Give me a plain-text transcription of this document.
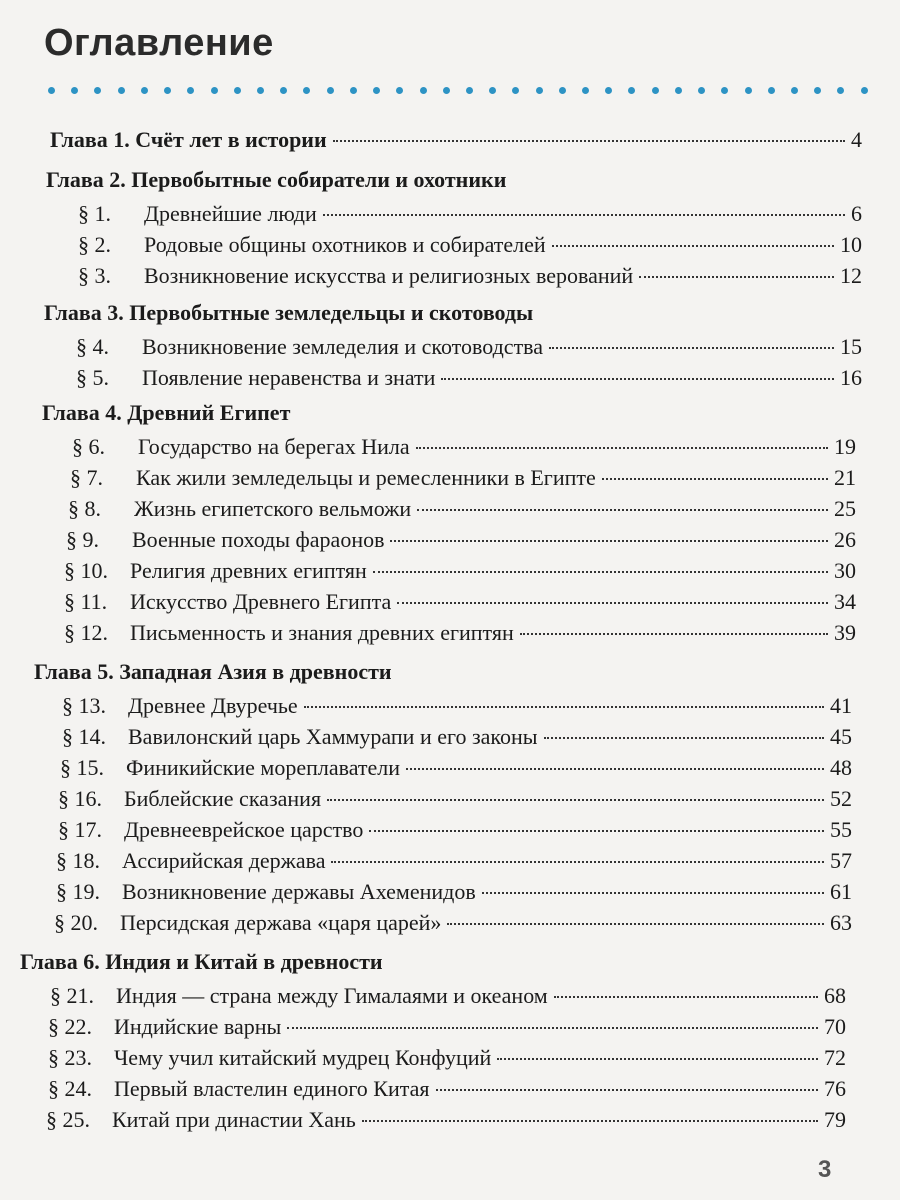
Оглавление
Глава 1. Счёт лет в истории	4
Глава 2. Первобытные собиратели и охотники
§ 1.	Древнейшие люди	6
§ 2.	Родовые общины охотников и собирателей	10
§ 3.	Возникновение искусства и религиозных верований	12
Глава 3. Первобытные земледельцы и скотоводы
§ 4.	Возникновение земледелия и скотоводства	15
§ 5.	Появление неравенства и знати	16
Глава 4. Древний Египет
§ 6.	Государство на берегах Нила	19
§ 7.	Как жили земледельцы и ремесленники в Египте	21
§ 8.	Жизнь египетского вельможи	25
§ 9.	Военные походы фараонов	26
§ 10.	Религия древних египтян	30
§ 11.	Искусство Древнего Египта	34
§ 12.	Письменность и знания древних египтян	39
Глава 5. Западная Азия в древности
§ 13.	Древнее Двуречье	41
§ 14.	Вавилонский царь Хаммурапи и его законы	45
§ 15.	Финикийские мореплаватели	48
§ 16.	Библейские сказания	52
§ 17.	Древнееврейское царство	55
§ 18.	Ассирийская держава	57
§ 19.	Возникновение державы Ахеменидов	61
§ 20.	Персидская держава «царя царей»	63
Глава 6. Индия и Китай в древности
§ 21.	Индия — страна между Гималаями и океаном	68
§ 22.	Индийские варны	70
§ 23.	Чему учил китайский мудрец Конфуций	72
§ 24.	Первый властелин единого Китая	76
§ 25.	Китай при династии Хань	79
3
